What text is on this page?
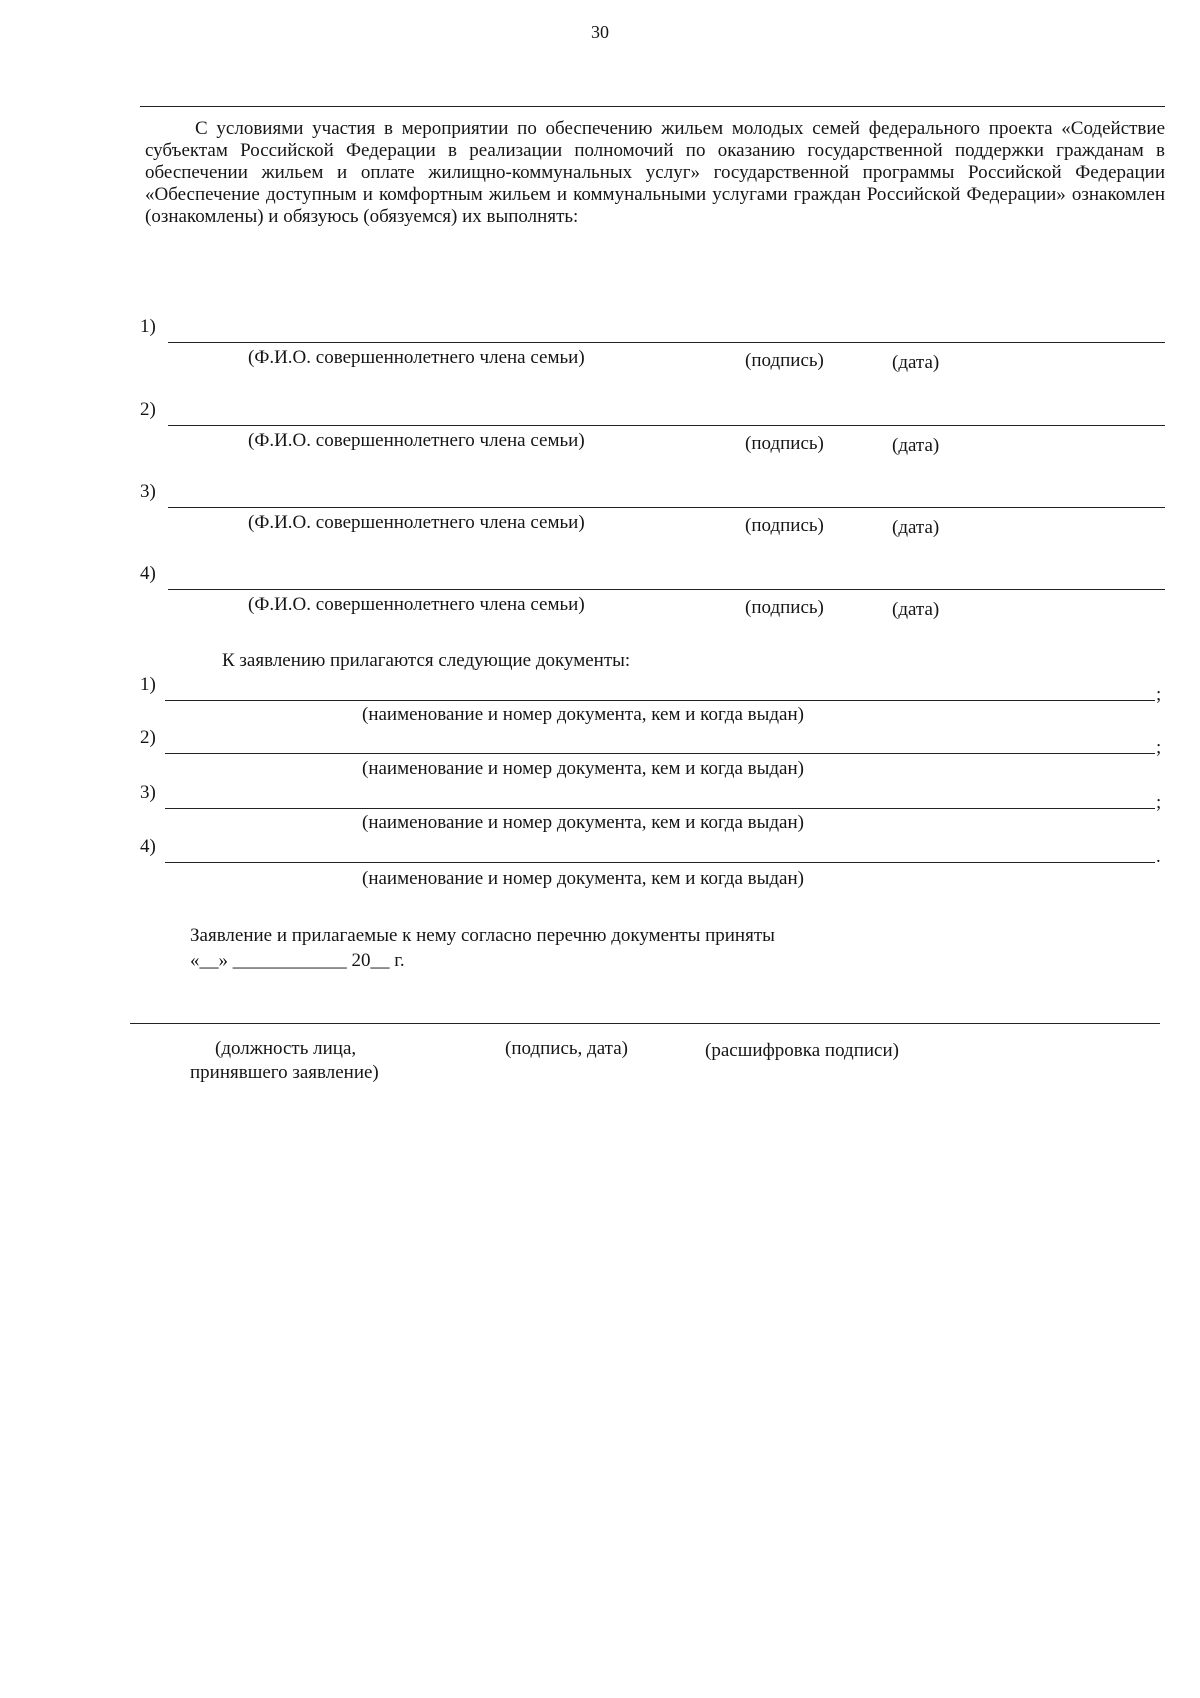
30

С условиями участия в мероприятии по обеспечению жильем молодых семей федерального проекта «Содействие субъектам Российской Федерации в реализации полномочий по оказанию государственной поддержки гражданам в обеспечении жильем и оплате жилищно-коммунальных услуг» государственной программы Российской Федерации «Обеспечение доступным и комфортным жильем и коммунальными услугами граждан Российской Федерации» ознакомлен (ознакомлены) и обязуюсь (обязуемся) их выполнять:

1)
(Ф.И.О. совершеннолетнего члена семьи)	(подпись)	(дата)
2)
(Ф.И.О. совершеннолетнего члена семьи)	(подпись)	(дата)
3)
(Ф.И.О. совершеннолетнего члена семьи)	(подпись)	(дата)
4)
(Ф.И.О. совершеннолетнего члена семьи)	(подпись)	(дата)
К заявлению прилагаются следующие документы:
1)	;
(наименование и номер документа, кем и когда выдан)
2)	;
(наименование и номер документа, кем и когда выдан)
3)	;
(наименование и номер документа, кем и когда выдан)
4)	.
(наименование и номер документа, кем и когда выдан)
Заявление и прилагаемые к нему согласно перечню документы приняты
«__» ____________ 20__ г.
(должность лица,
принявшего заявление)
(подпись, дата)	(расшифровка подписи)
